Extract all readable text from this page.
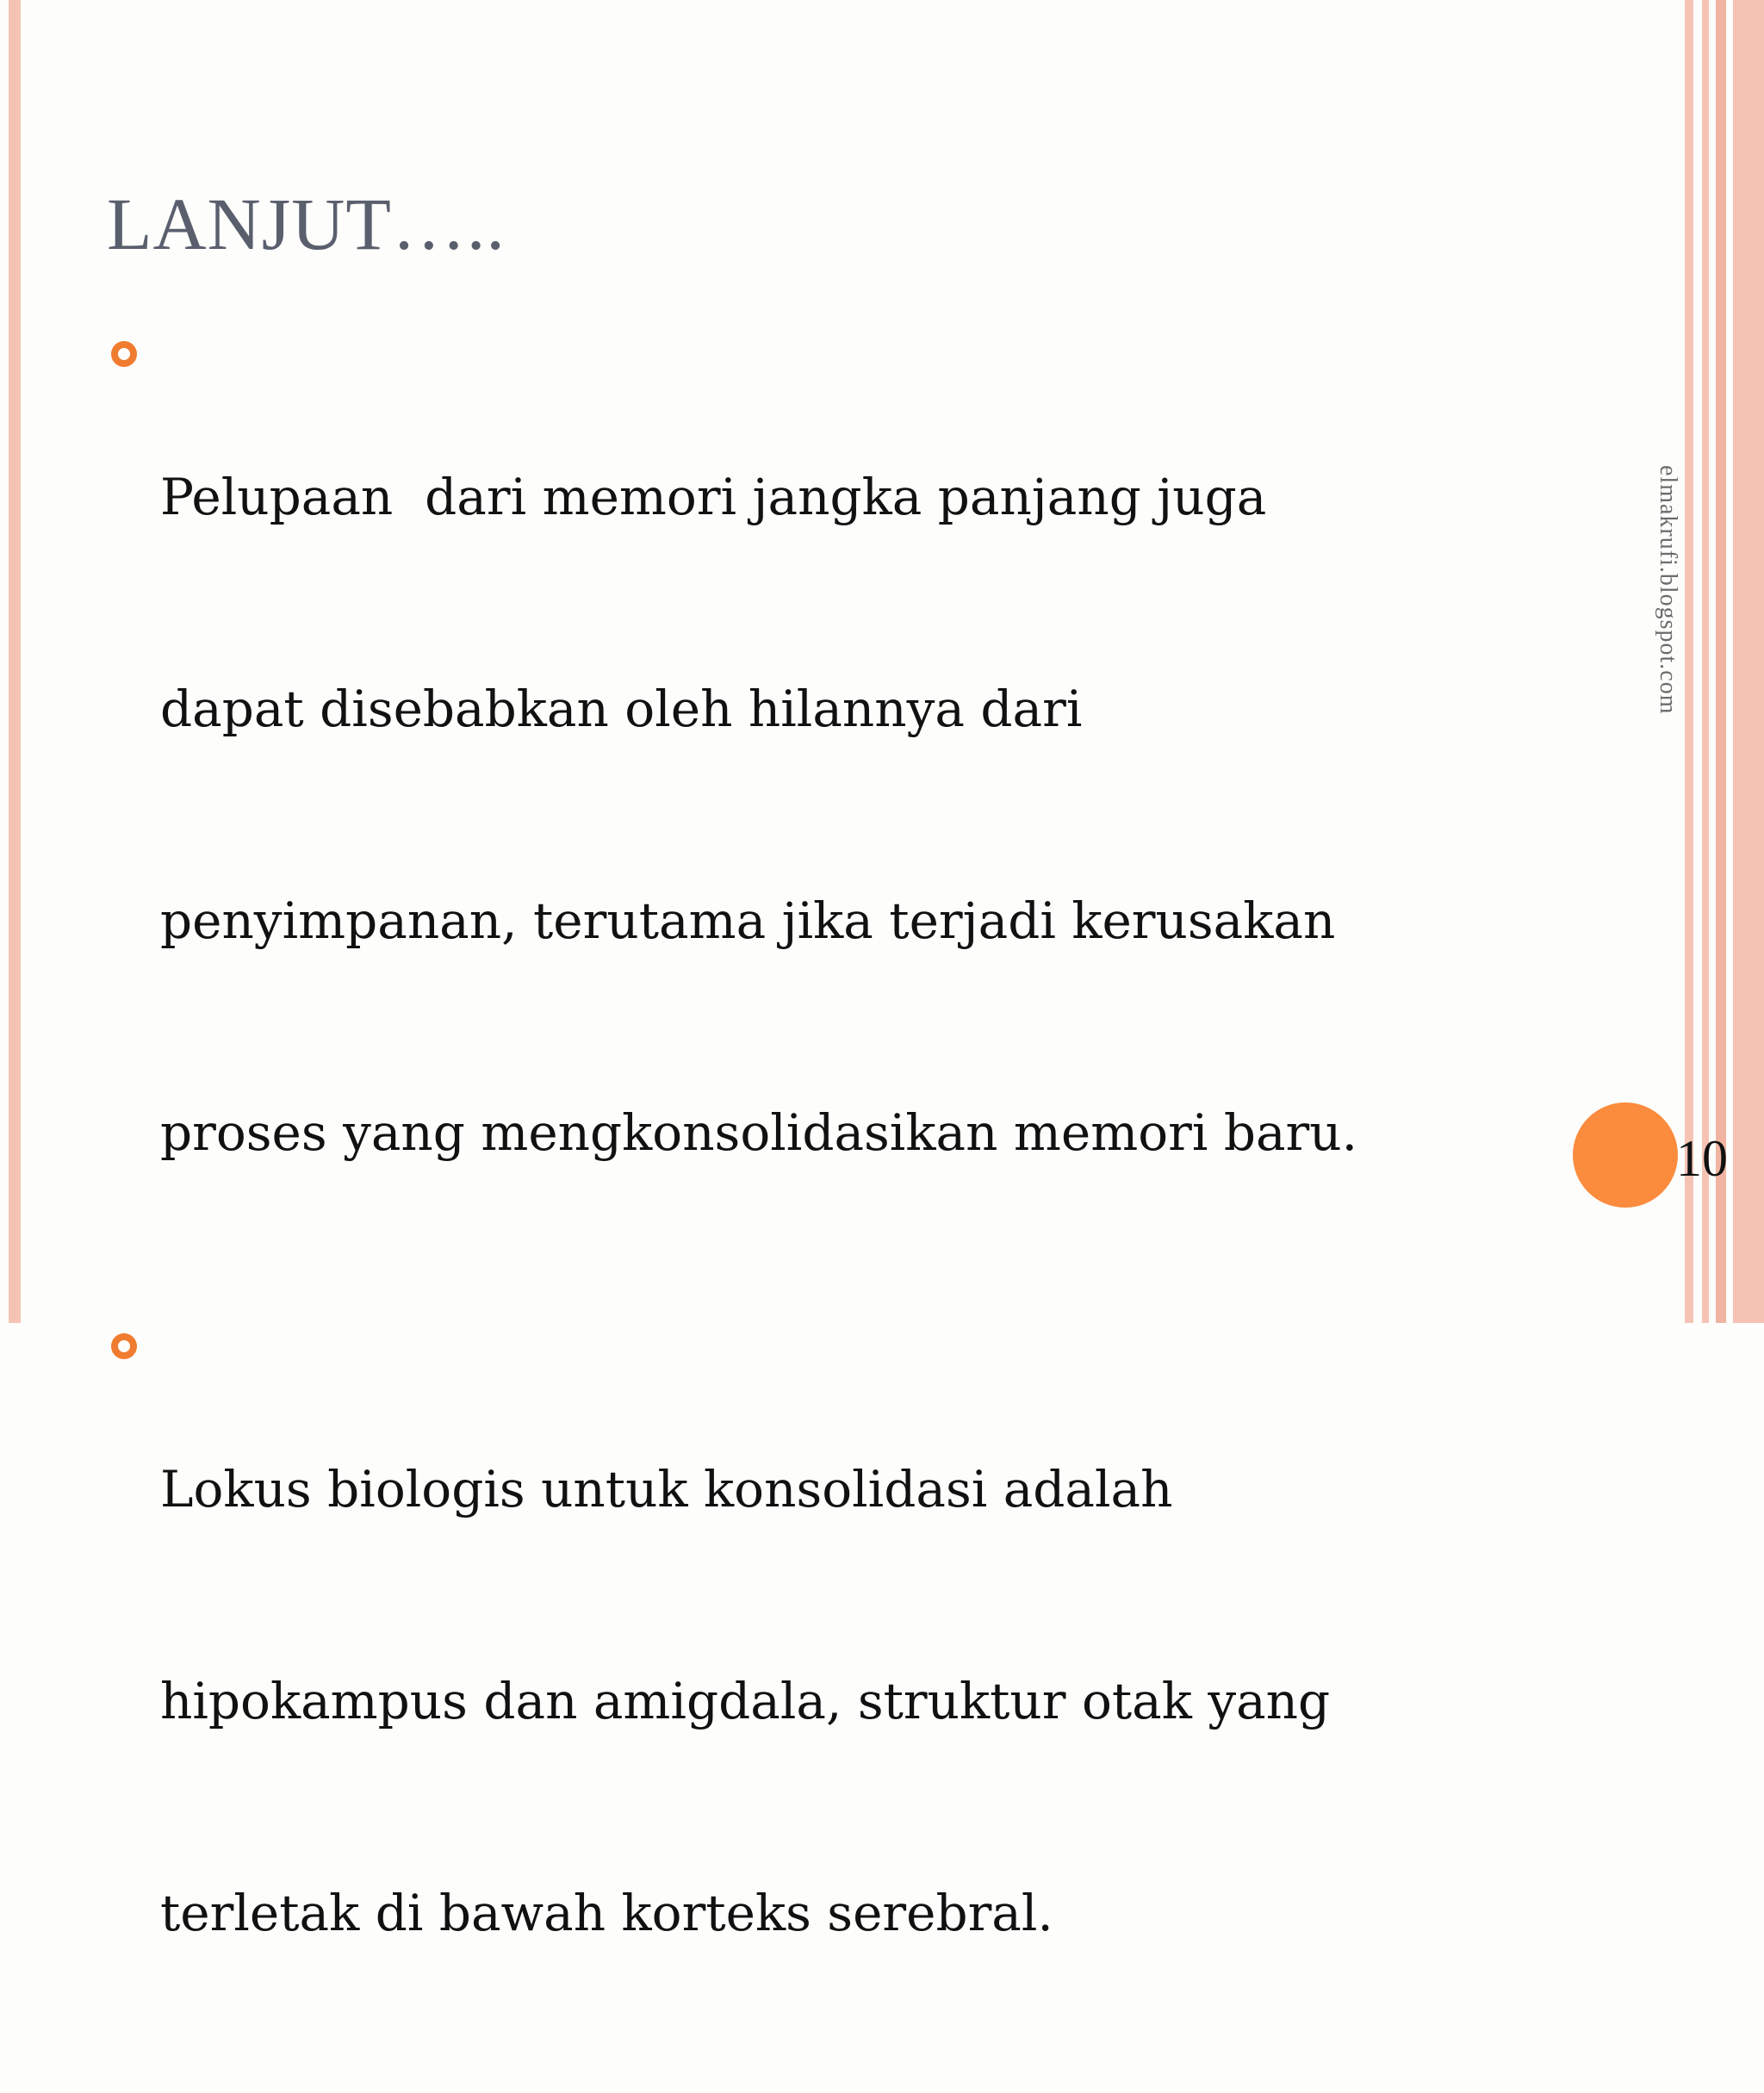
LANJUT…..

Pelupaan  dari memori jangka panjang juga

dapat disebabkan oleh hilannya dari

penyimpanan, terutama jika terjadi kerusakan

proses yang mengkonsolidasikan memori baru.

Lokus biologis untuk konsolidasi adalah

hipokampus dan amigdala, struktur otak yang

terletak di bawah korteks serebral.

elmakrufi.blogspot.com
10
